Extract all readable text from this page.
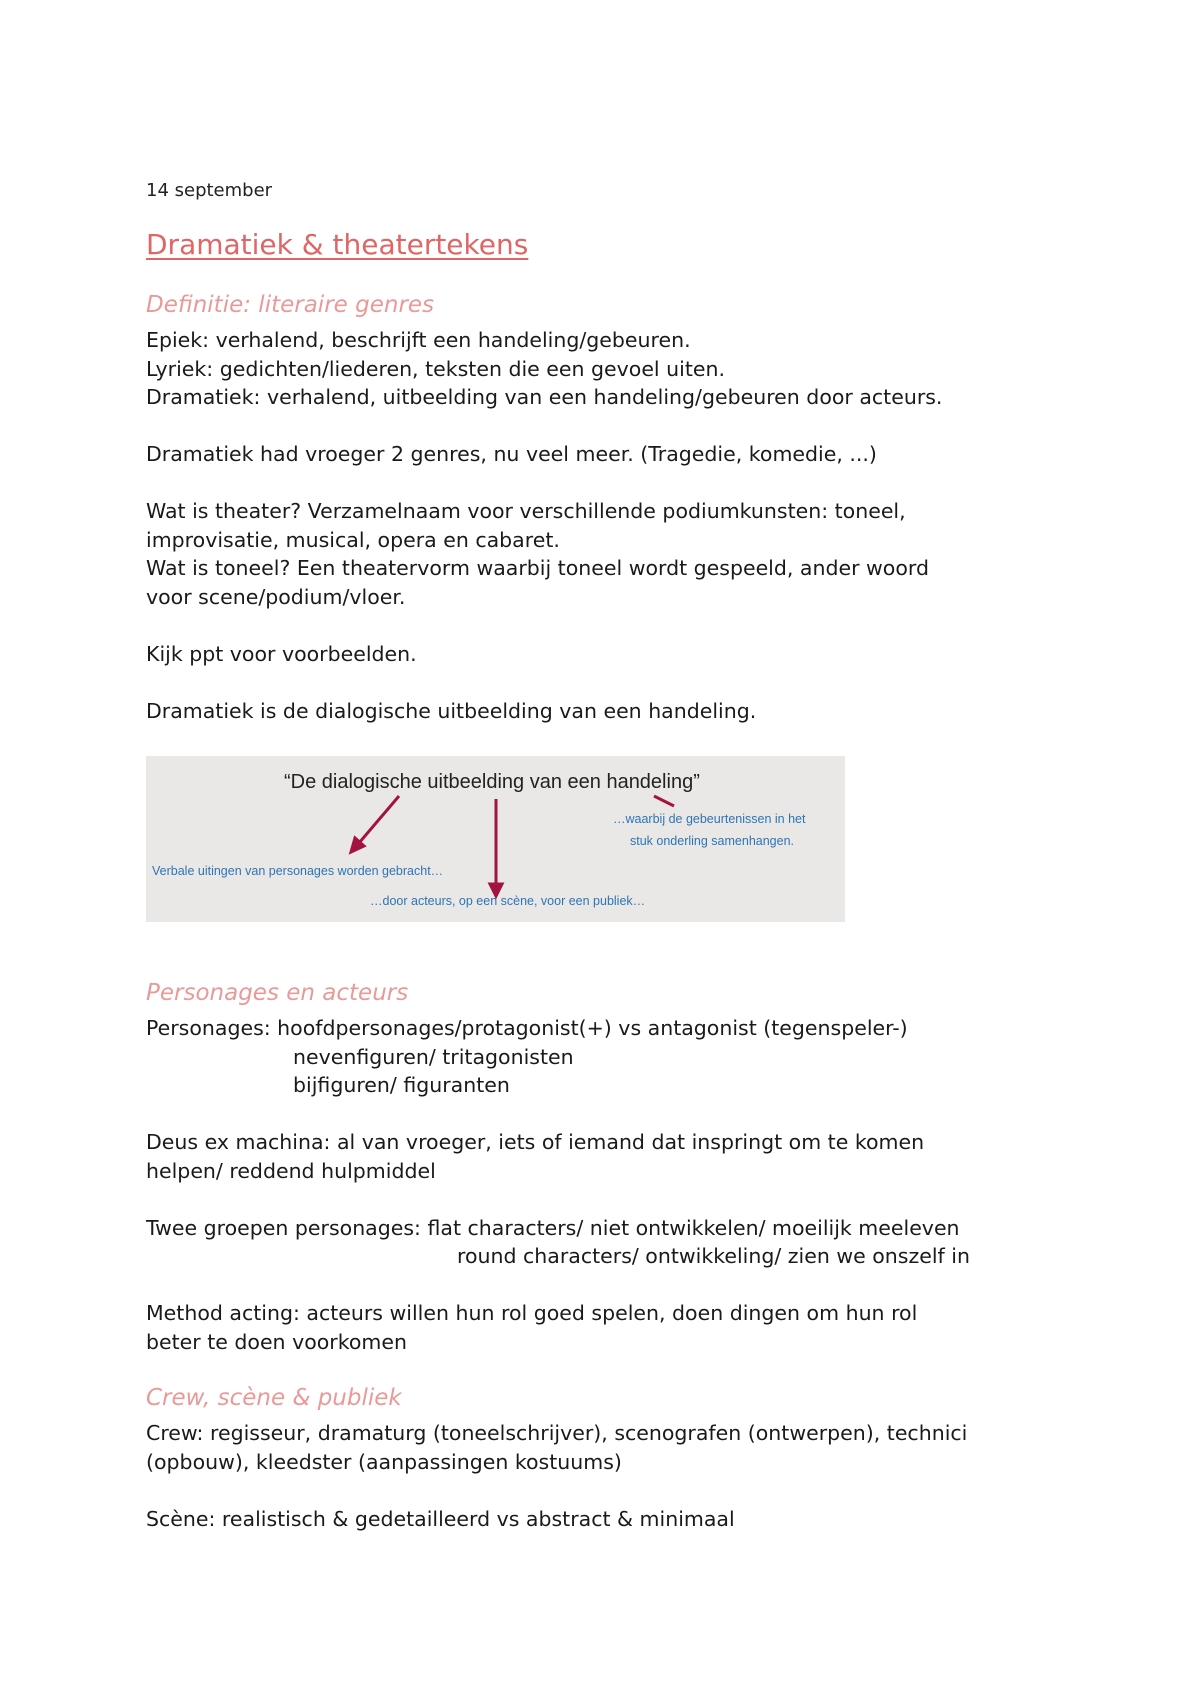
14 september
Dramatiek & theatertekens
Definitie: literaire genres

Epiek: verhalend, beschrijft een handeling/gebeuren.

Lyriek: gedichten/liederen, teksten die een gevoel uiten.

Dramatiek: verhalend, uitbeelding van een handeling/gebeuren door acteurs.

Dramatiek had vroeger 2 genres, nu veel meer. (Tragedie, komedie, ...)

Wat is theater? Verzamelnaam voor verschillende podiumkunsten: toneel,

improvisatie, musical, opera en cabaret.

Wat is toneel? Een theatervorm waarbij toneel wordt gespeeld, ander woord

voor scene/podium/vloer.

Kijk ppt voor voorbeelden.

Dramatiek is de dialogische uitbeelding van een handeling.

Personages en acteurs

Personages: hoofdpersonages/protagonist(+) vs antagonist (tegenspeler-)

nevenfiguren/ tritagonisten

bijfiguren/ figuranten

Deus ex machina: al van vroeger, iets of iemand dat inspringt om te komen

helpen/ reddend hulpmiddel

Twee groepen personages: flat characters/ niet ontwikkelen/ moeilijk meeleven

round characters/ ontwikkeling/ zien we onszelf in

Method acting: acteurs willen hun rol goed spelen, doen dingen om hun rol

beter te doen voorkomen

Crew, scène & publiek

Crew: regisseur, dramaturg (toneelschrijver), scenografen (ontwerpen), technici

(opbouw), kleedster (aanpassingen kostuums)

Scène: realistisch & gedetailleerd vs abstract & minimaal

“De dialogische uitbeelding van een handeling”
…waarbij de gebeurtenissen in het
stuk onderling samenhangen.
Verbale uitingen van personages worden gebracht…
…door acteurs, op een scène, voor een publiek…
